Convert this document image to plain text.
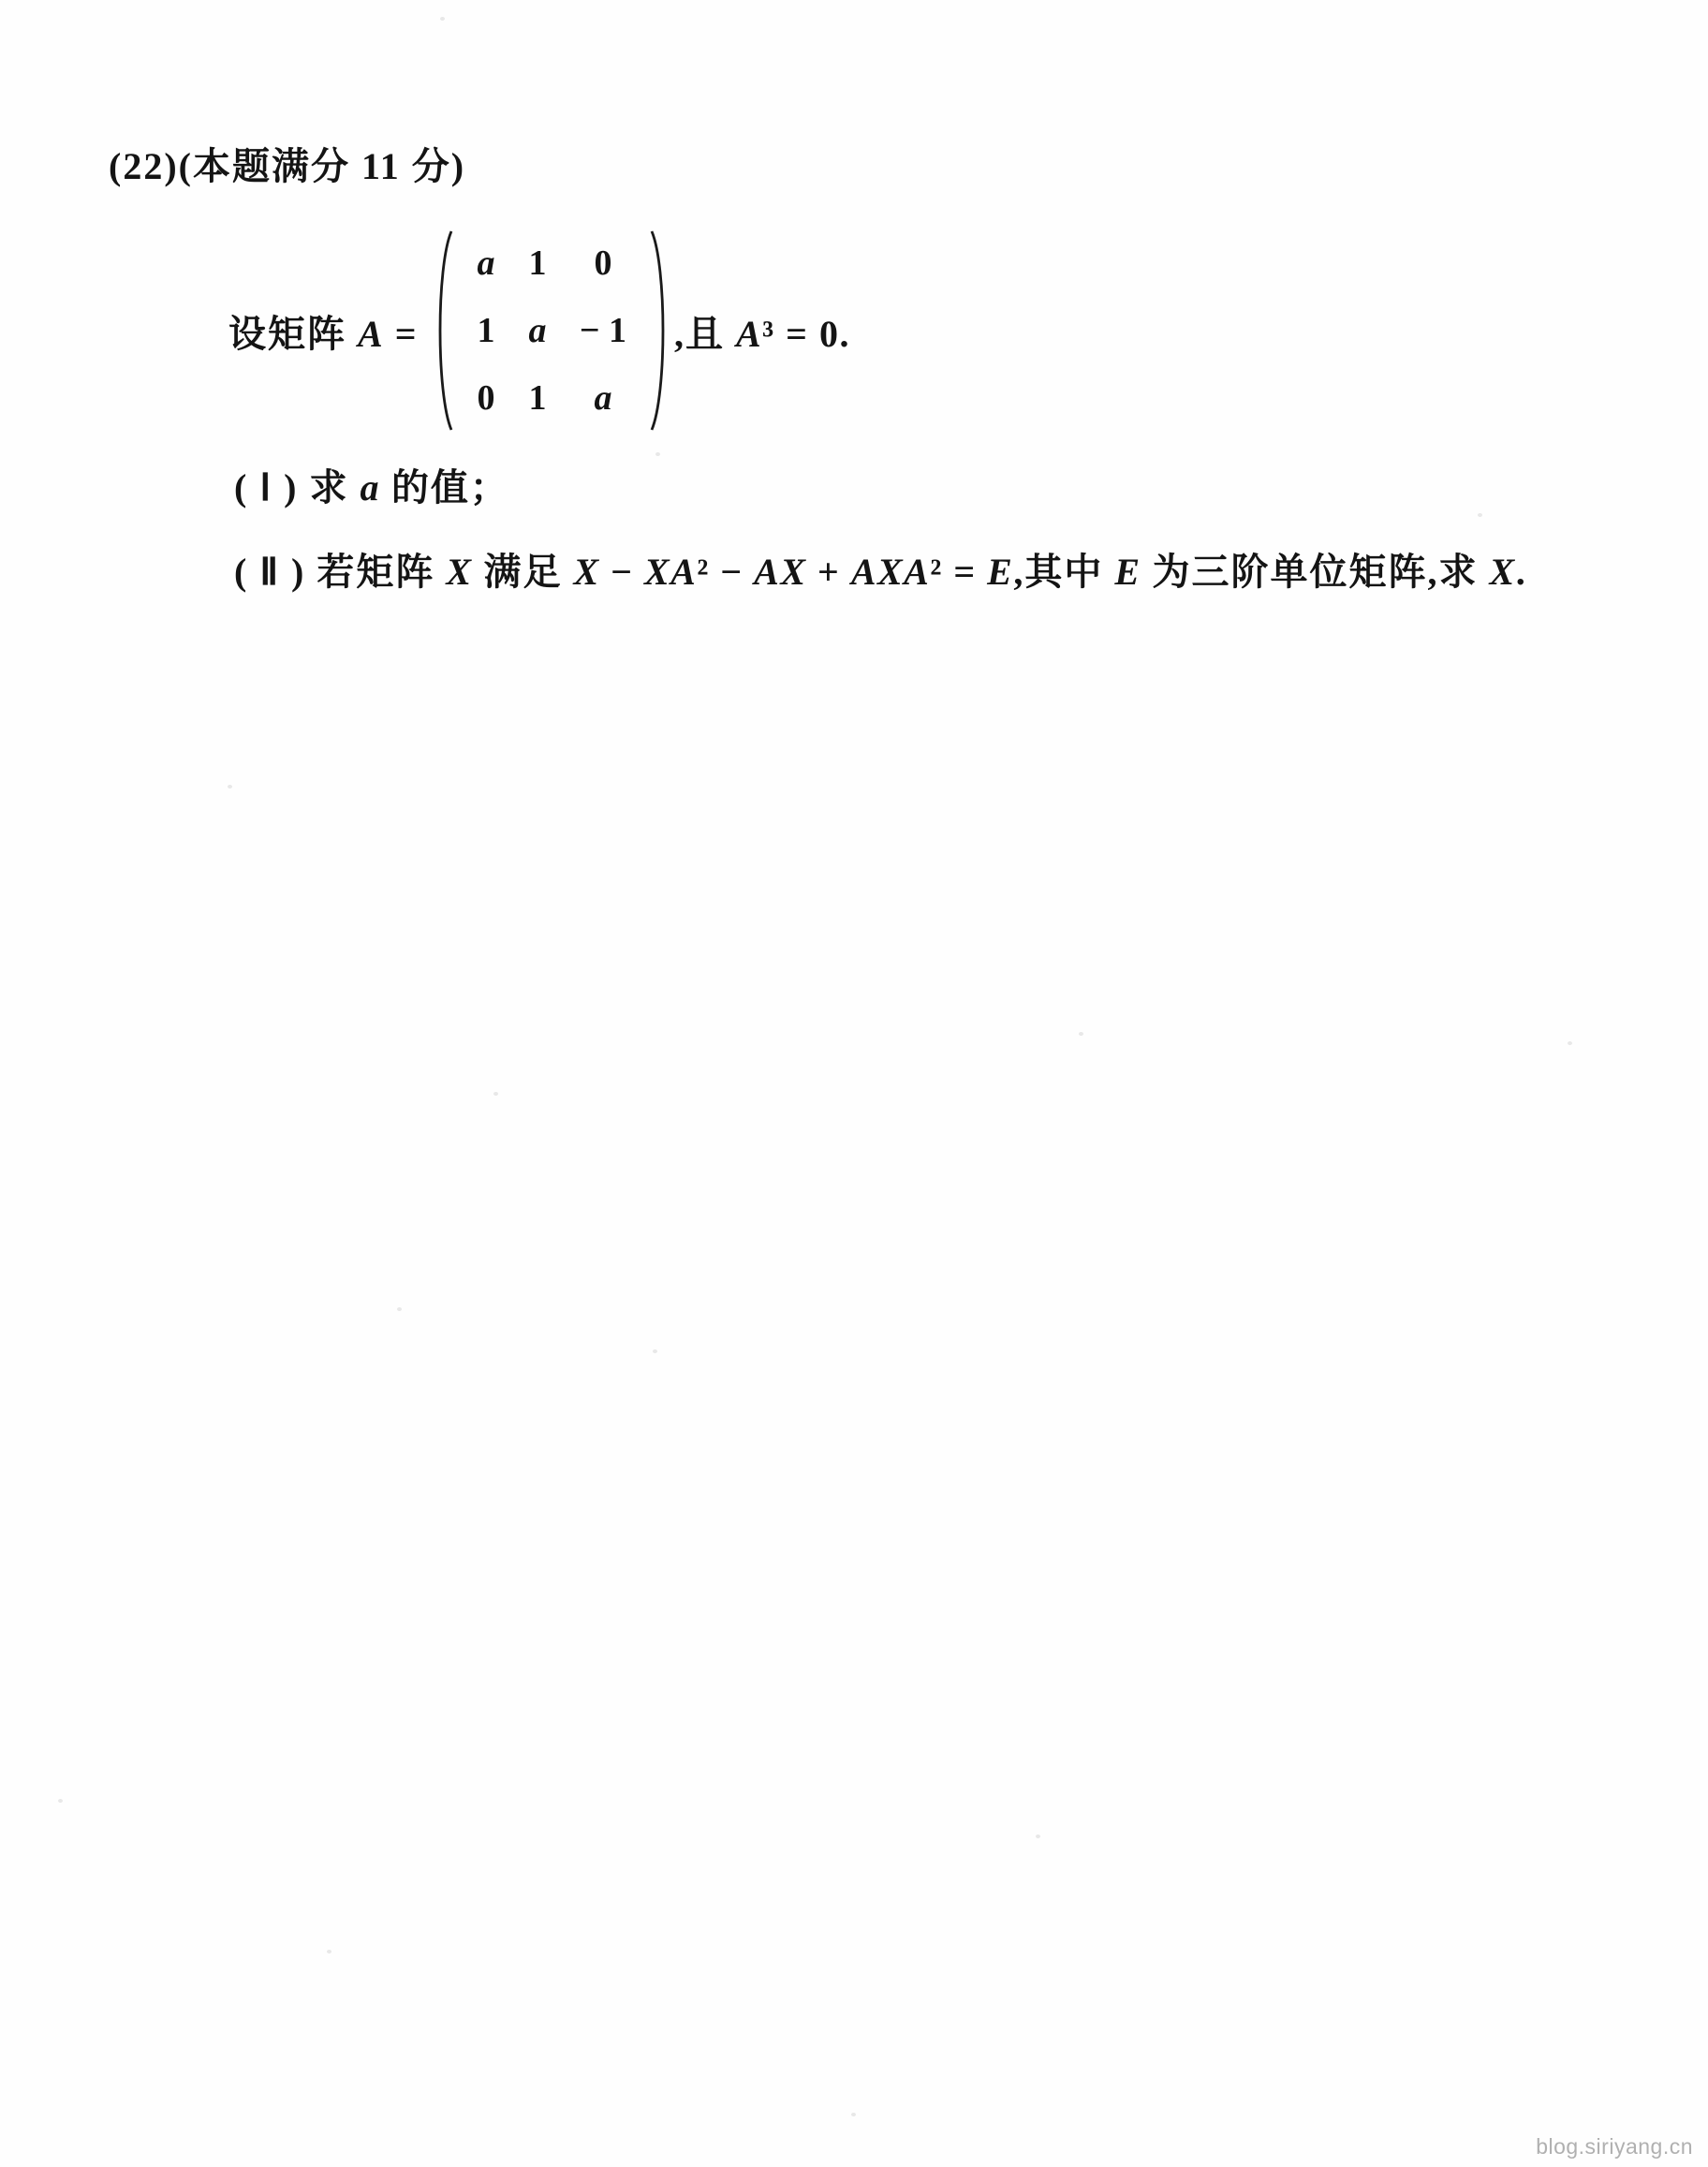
(22)(本题满分 11 分)
设矩阵 A =
a 1 0
1 a − 1
0 1 a
,且 A³ = 0.
( Ⅰ ) 求 a 的值；
( Ⅱ ) 若矩阵 X 满足 X − XA² − AX + AXA² = E,其中 E 为三阶单位矩阵,求 X.
blog.siriyang.cn
